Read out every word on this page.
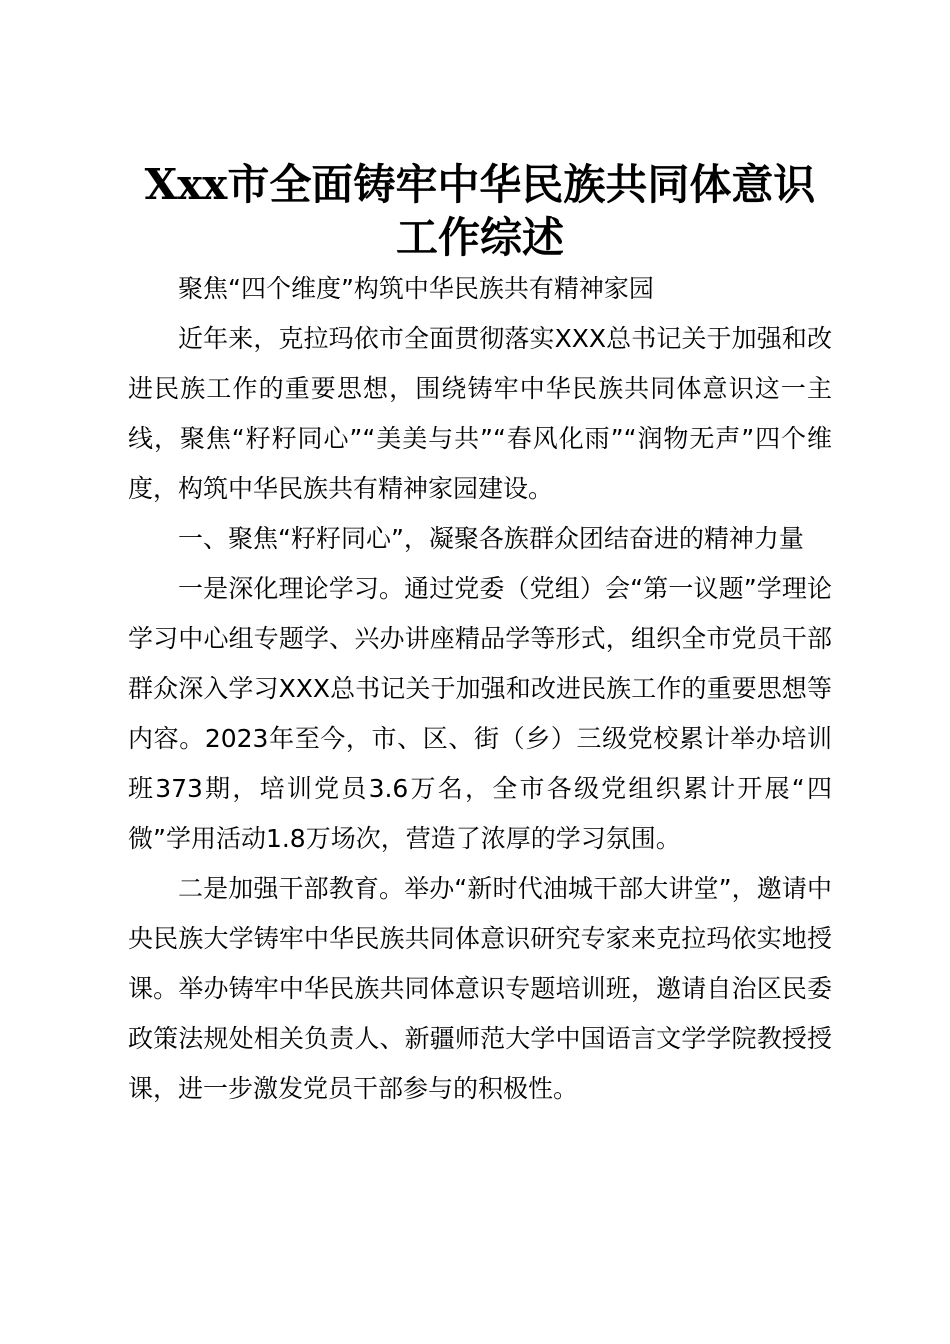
Xxx市全面铸牢中华民族共同体意识工作综述

聚焦“四个维度”构筑中华民族共有精神家园

近年来，克拉玛依市全面贯彻落实XXX总书记关于加强和改进民族工作的重要思想，围绕铸牢中华民族共同体意识这一主线，聚焦“籽籽同心”“美美与共”“春风化雨”“润物无声”四个维度，构筑中华民族共有精神家园建设。

一、聚焦“籽籽同心”，凝聚各族群众团结奋进的精神力量

一是深化理论学习。通过党委（党组）会“第一议题”学理论学习中心组专题学、兴办讲座精品学等形式，组织全市党员干部群众深入学习XXX总书记关于加强和改进民族工作的重要思想等内容。2023年至今，市、区、街（乡）三级党校累计举办培训班373期，培训党员3.6万名，全市各级党组织累计开展“四微”学用活动1.8万场次，营造了浓厚的学习氛围。

二是加强干部教育。举办“新时代油城干部大讲堂”，邀请中央民族大学铸牢中华民族共同体意识研究专家来克拉玛依实地授课。举办铸牢中华民族共同体意识专题培训班，邀请自治区民委政策法规处相关负责人、新疆师范大学中国语言文学学院教授授课，进一步激发党员干部参与的积极性。
